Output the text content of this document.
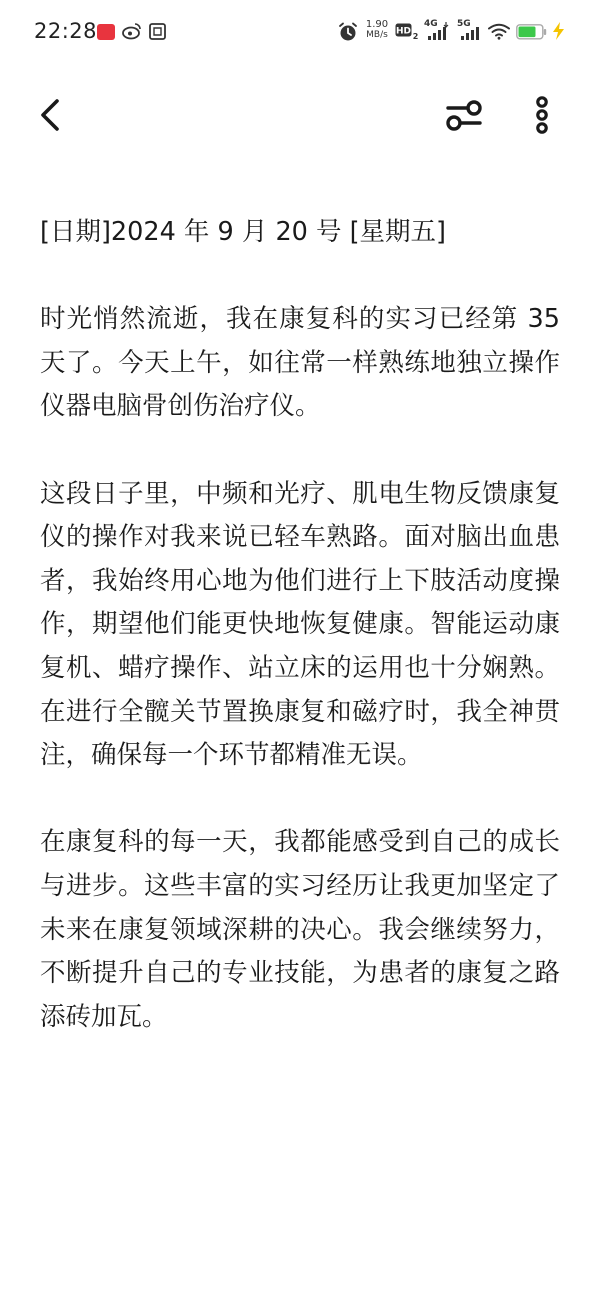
22:28	1.90
MB/s HD 2
4G 5G

[日期]2024 年 9 月 20 号 [星期五]

时光悄然流逝，我在康复科的实习已经第 35 天了。今天上午，如往常一样熟练地独立操作仪器电脑骨创伤治疗仪。

这段日子里，中频和光疗、肌电生物反馈康复仪的操作对我来说已轻车熟路。面对脑出血患者，我始终用心地为他们进行上下肢活动度操作，期望他们能更快地恢复健康。智能运动康复机、蜡疗操作、站立床的运用也十分娴熟。在进行全髋关节置换康复和磁疗时，我全神贯注，确保每一个环节都精准无误。

在康复科的每一天，我都能感受到自己的成长与进步。这些丰富的实习经历让我更加坚定了未来在康复领域深耕的决心。我会继续努力，不断提升自己的专业技能，为患者的康复之路添砖加瓦。
